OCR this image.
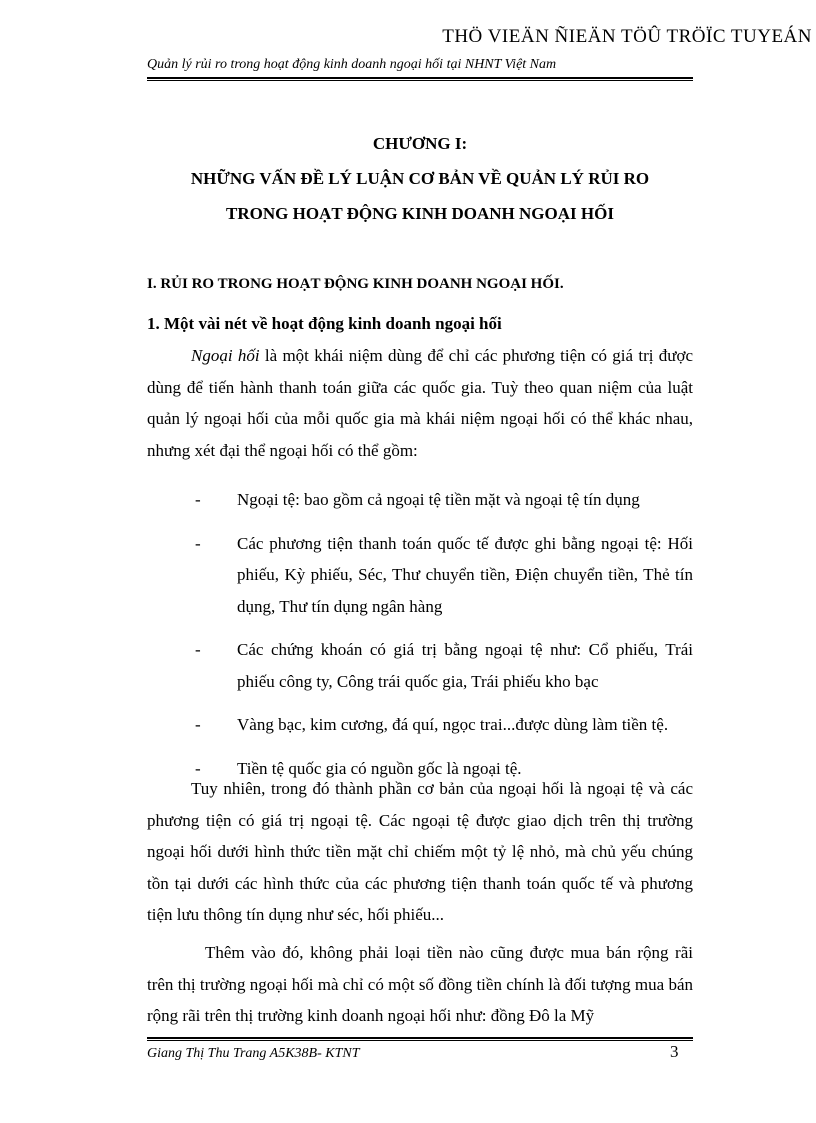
THÖ VIEÄN ÑIEÄN TÖÛ TRÖÏC TUYEÁN
Quản lý rủi ro trong hoạt động kinh doanh ngoại hối tại NHNT Việt Nam
CHƯƠNG I:
NHỮNG VẤN ĐỀ LÝ LUẬN CƠ BẢN VỀ QUẢN LÝ RỦI RO
TRONG HOẠT ĐỘNG KINH DOANH NGOẠI HỐI
I. RỦI RO TRONG HOẠT ĐỘNG KINH DOANH NGOẠI HỐI.
1. Một vài nét về hoạt động kinh doanh ngoại hối

Ngoại hối là một khái niệm dùng để chỉ các phương tiện có giá trị được dùng để tiến hành thanh toán giữa các quốc gia. Tuỳ theo quan niệm của luật quản lý ngoại hối của mỗi quốc gia mà khái niệm ngoại hối có thể khác nhau, nhưng xét đại thể ngoại hối có thể gồm:

- Ngoại tệ: bao gồm cả ngoại tệ tiền mặt và ngoại tệ tín dụng
- Các phương tiện thanh toán quốc tế được ghi bằng ngoại tệ: Hối phiếu, Kỳ phiếu, Séc, Thư chuyển tiền, Điện chuyển tiền, Thẻ tín dụng, Thư tín dụng ngân hàng
- Các chứng khoán có giá trị bằng ngoại tệ như: Cổ phiếu, Trái phiếu công ty, Công trái quốc gia, Trái phiếu kho bạc
- Vàng bạc, kim cương, đá quí, ngọc trai...được dùng làm tiền tệ.
- Tiền tệ quốc gia có nguồn gốc là ngoại tệ.

Tuy nhiên, trong đó thành phần cơ bản của ngoại hối là ngoại tệ và các phương tiện có giá trị ngoại tệ. Các ngoại tệ được giao dịch trên thị trường ngoại hối dưới hình thức tiền mặt chỉ chiếm một tỷ lệ nhỏ, mà chủ yếu chúng tồn tại dưới các hình thức của các phương tiện thanh toán quốc tế và phương tiện lưu thông tín dụng như séc, hối phiếu...

Thêm vào đó, không phải loại tiền nào cũng được mua bán rộng rãi trên thị trường ngoại hối mà chỉ có một số đồng tiền chính là đối tượng mua bán rộng rãi trên thị trường kinh doanh ngoại hối như: đồng Đô la Mỹ

Giang Thị Thu Trang A5K38B- KTNT	3
